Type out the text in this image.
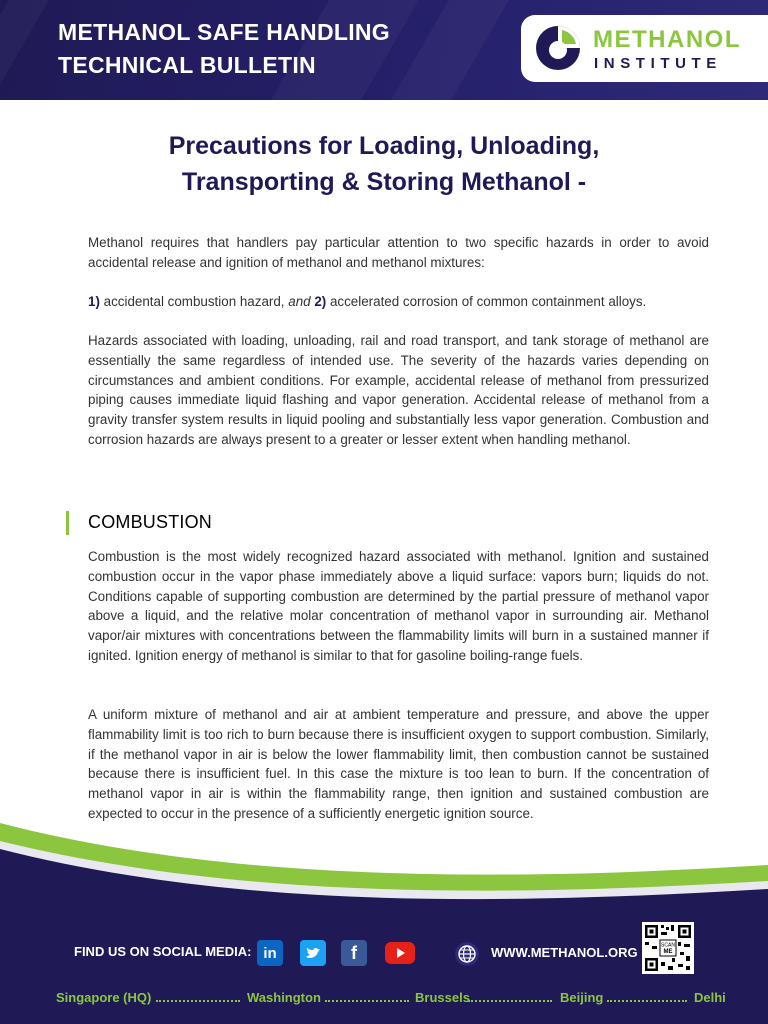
METHANOL SAFE HANDLING
TECHNICAL BULLETIN
METHANOL
INSTITUTE
Precautions for Loading, Unloading,
Transporting & Storing Methanol -
Methanol requires that handlers pay particular attention to two specific hazards in order to avoid accidental release and ignition of methanol and methanol mixtures:
1) accidental combustion hazard, and 2) accelerated corrosion of common containment alloys.
Hazards associated with loading, unloading, rail and road transport, and tank storage of methanol are essentially the same regardless of intended use. The severity of the hazards varies depending on circumstances and ambient conditions. For example, accidental release of methanol from pressurized piping causes immediate liquid flashing and vapor generation. Accidental release of methanol from a gravity transfer system results in liquid pooling and substantially less vapor generation. Combustion and corrosion hazards are always present to a greater or lesser extent when handling methanol.
COMBUSTION
Combustion is the most widely recognized hazard associated with methanol. Ignition and sustained combustion occur in the vapor phase immediately above a liquid surface: vapors burn; liquids do not. Conditions capable of supporting combustion are determined by the partial pressure of methanol vapor above a liquid, and the relative molar concentration of methanol vapor in surrounding air. Methanol vapor/air mixtures with concentrations between the flammability limits will burn in a sustained manner if ignited. Ignition energy of methanol is similar to that for gasoline boiling-range fuels.
A uniform mixture of methanol and air at ambient temperature and pressure, and above the upper flammability limit is too rich to burn because there is insufficient oxygen to support combustion. Similarly, if the methanol vapor in air is below the lower flammability limit, then combustion cannot be sustained because there is insufficient fuel. In this case the mixture is too lean to burn. If the concentration of methanol vapor in air is within the flammability range, then ignition and sustained combustion are expected to occur in the presence of a sufficiently energetic ignition source.
FIND US ON SOCIAL MEDIA: in	f	WWW.METHANOL.ORG	SCAN
ME
Singapore (HQ)	Washington	Brussels	Beijing	Delhi
